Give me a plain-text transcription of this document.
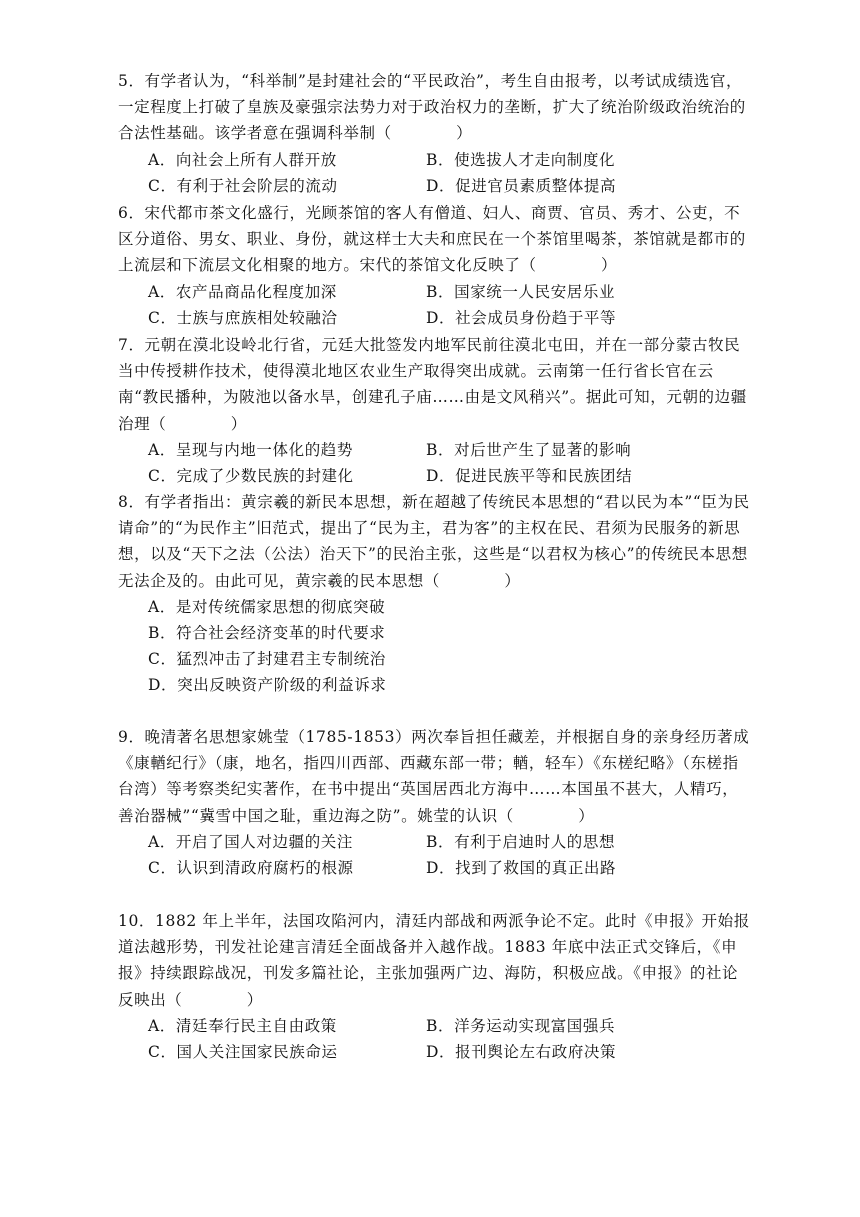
5．有学者认为，“科举制”是封建社会的“平民政治”，考生自由报考，以考试成绩选官，一定程度上打破了皇族及豪强宗法势力对于政治权力的垄断，扩大了统治阶级政治统治的合法性基础。该学者意在强调科举制（　　　　）
A．向社会上所有人群开放	B．使选拔人才走向制度化
C．有利于社会阶层的流动	D．促进官员素质整体提高
6．宋代都市茶文化盛行，光顾茶馆的客人有僧道、妇人、商贾、官员、秀才、公吏，不区分道俗、男女、职业、身份，就这样士大夫和庶民在一个茶馆里喝茶，茶馆就是都市的上流层和下流层文化相聚的地方。宋代的茶馆文化反映了（　　　　）
A．农产品商品化程度加深	B．国家统一人民安居乐业
C．士族与庶族相处较融洽	D．社会成员身份趋于平等
7．元朝在漠北设岭北行省，元廷大批签发内地军民前往漠北屯田，并在一部分蒙古牧民当中传授耕作技术，使得漠北地区农业生产取得突出成就。云南第一任行省长官在云南“教民播种，为陂池以备水旱，创建孔子庙……由是文风稍兴”。据此可知，元朝的边疆治理（　　　　）
A．呈现与内地一体化的趋势	B．对后世产生了显著的影响
C．完成了少数民族的封建化	D．促进民族平等和民族团结
8．有学者指出：黄宗羲的新民本思想，新在超越了传统民本思想的“君以民为本”“臣为民请命”的“为民作主”旧范式，提出了“民为主，君为客”的主权在民、君须为民服务的新思想，以及“天下之法（公法）治天下”的民治主张，这些是“以君权为核心”的传统民本思想无法企及的。由此可见，黄宗羲的民本思想（　　　　）
A．是对传统儒家思想的彻底突破
B．符合社会经济变革的时代要求
C．猛烈冲击了封建君主专制统治
D．突出反映资产阶级的利益诉求
9．晚清著名思想家姚莹（1785-1853）两次奉旨担任藏差，并根据自身的亲身经历著成《康輶纪行》（康，地名，指四川西部、西藏东部一带；輶，轻车）《东槎纪略》（东槎指台湾）等考察类纪实著作，在书中提出“英国居西北方海中……本国虽不甚大，人精巧，善治器械”“冀雪中国之耻，重边海之防”。姚莹的认识（　　　　）
A．开启了国人对边疆的关注	B．有利于启迪时人的思想
C．认识到清政府腐朽的根源	D．找到了救国的真正出路
10．1882 年上半年，法国攻陷河内，清廷内部战和两派争论不定。此时《申报》开始报道法越形势，刊发社论建言清廷全面战备并入越作战。1883 年底中法正式交锋后，《申报》持续跟踪战况，刊发多篇社论，主张加强两广边、海防，积极应战。《申报》的社论反映出（　　　　）
A．清廷奉行民主自由政策	B．洋务运动实现富国强兵
C．国人关注国家民族命运	D．报刊舆论左右政府决策
